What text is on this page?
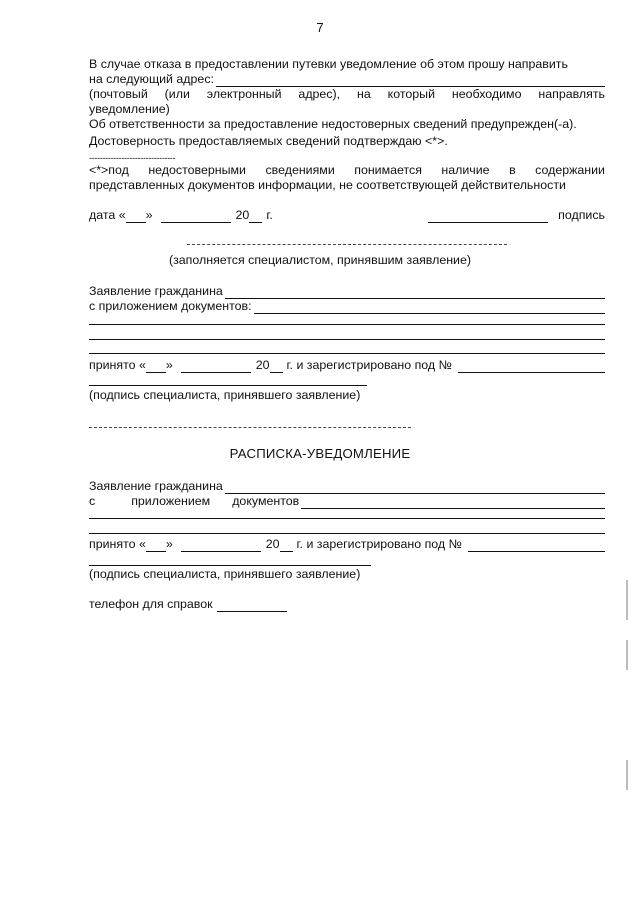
7
В случае отказа в предоставлении путевки уведомление об этом прошу направить
на следующий адрес:
(почтовый (или электронный адрес), на который необходимо направлять
уведомление)
Об ответственности за предоставление недостоверных сведений предупрежден(-а).
Достоверность предоставляемых сведений подтверждаю <*>.
--------------------------------
<*>под недостоверными сведениями понимается наличие в содержании
представленных документов информации, не соответствующей действительности
дата « »	20 г.	подпись
(заполняется специалистом, принявшим заявление)
Заявление гражданина
с приложением документов:
принято « »	20 г. и зарегистрировано под №
(подпись специалиста, принявшего заявление)
РАСПИСКА-УВЕДОМЛЕНИЕ
Заявление гражданина
с	приложением документов
принято « »	20 г. и зарегистрировано под №
(подпись специалиста, принявшего заявление)
телефон для справок
